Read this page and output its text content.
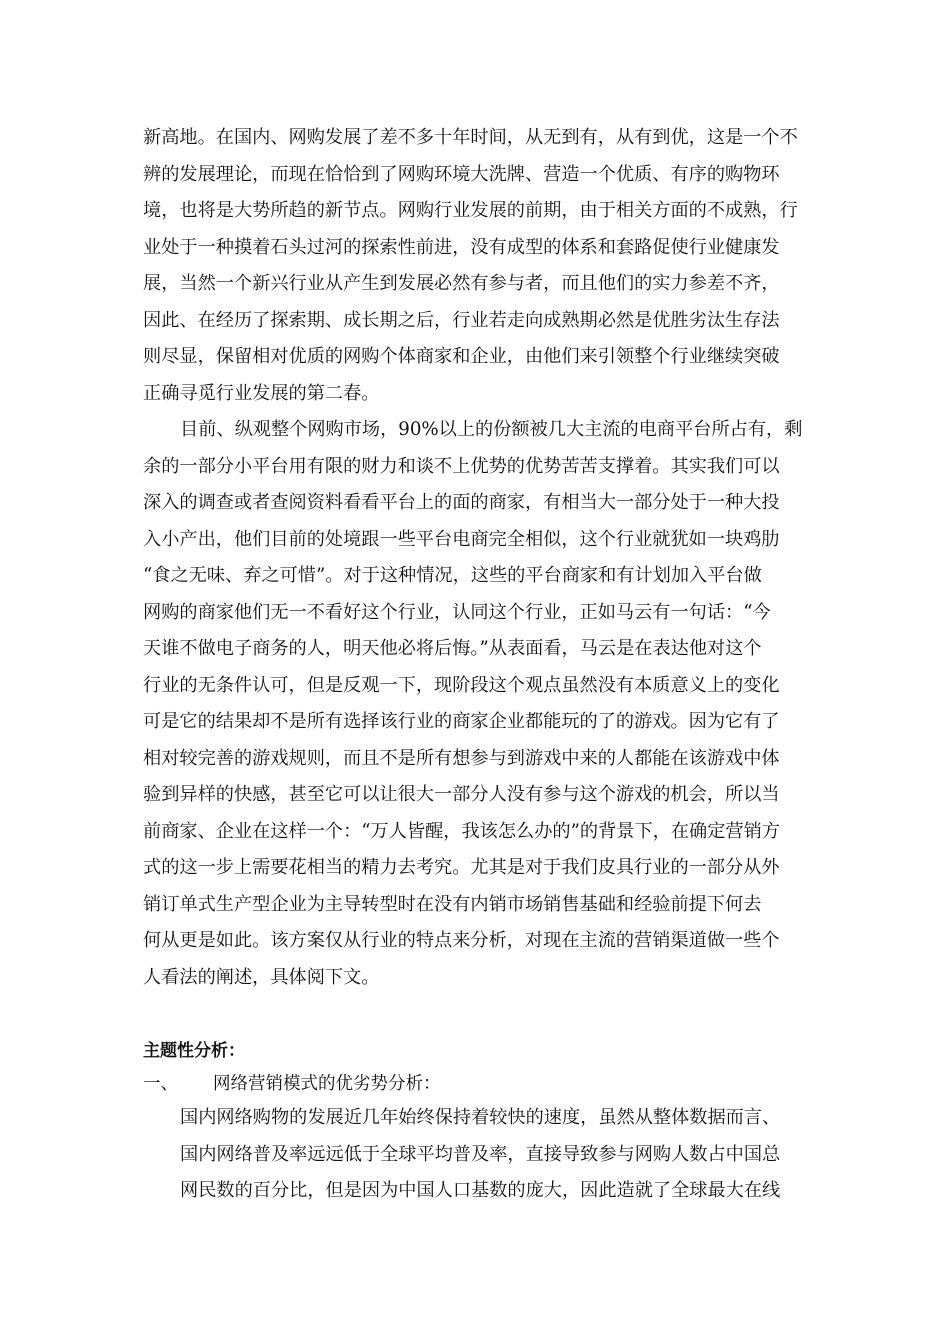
新高地。在国内、网购发展了差不多十年时间，从无到有，从有到优，这是一个不
辨的发展理论，而现在恰恰到了网购环境大洗牌、营造一个优质、有序的购物环
境，也将是大势所趋的新节点。网购行业发展的前期，由于相关方面的不成熟，行
业处于一种摸着石头过河的探索性前进，没有成型的体系和套路促使行业健康发
展，当然一个新兴行业从产生到发展必然有参与者，而且他们的实力参差不齐，
因此、在经历了探索期、成长期之后，行业若走向成熟期必然是优胜劣汰生存法
则尽显，保留相对优质的网购个体商家和企业，由他们来引领整个行业继续突破
正确寻觅行业发展的第二春。
目前、纵观整个网购市场，90%以上的份额被几大主流的电商平台所占有，剩
余的一部分小平台用有限的财力和谈不上优势的优势苦苦支撑着。其实我们可以
深入的调查或者查阅资料看看平台上的面的商家，有相当大一部分处于一种大投
入小产出，他们目前的处境跟一些平台电商完全相似，这个行业就犹如一块鸡肋
“食之无味、弃之可惜”。对于这种情况，这些的平台商家和有计划加入平台做
网购的商家他们无一不看好这个行业，认同这个行业，正如马云有一句话：“今
天谁不做电子商务的人，明天他必将后悔。”从表面看，马云是在表达他对这个
行业的无条件认可，但是反观一下，现阶段这个观点虽然没有本质意义上的变化
可是它的结果却不是所有选择该行业的商家企业都能玩的了的游戏。因为它有了
相对较完善的游戏规则，而且不是所有想参与到游戏中来的人都能在该游戏中体
验到异样的快感，甚至它可以让很大一部分人没有参与这个游戏的机会，所以当
前商家、企业在这样一个：“万人皆醒，我该怎么办的”的背景下，在确定营销方
式的这一步上需要花相当的精力去考究。尤其是对于我们皮具行业的一部分从外
销订单式生产型企业为主导转型时在没有内销市场销售基础和经验前提下何去
何从更是如此。该方案仅从行业的特点来分析，对现在主流的营销渠道做一些个
人看法的阐述，具体阅下文。
主题性分析：
一、 网络营销模式的优劣势分析：
国内网络购物的发展近几年始终保持着较快的速度，虽然从整体数据而言、
国内网络普及率远远低于全球平均普及率，直接导致参与网购人数占中国总
网民数的百分比，但是因为中国人口基数的庞大，因此造就了全球最大在线
